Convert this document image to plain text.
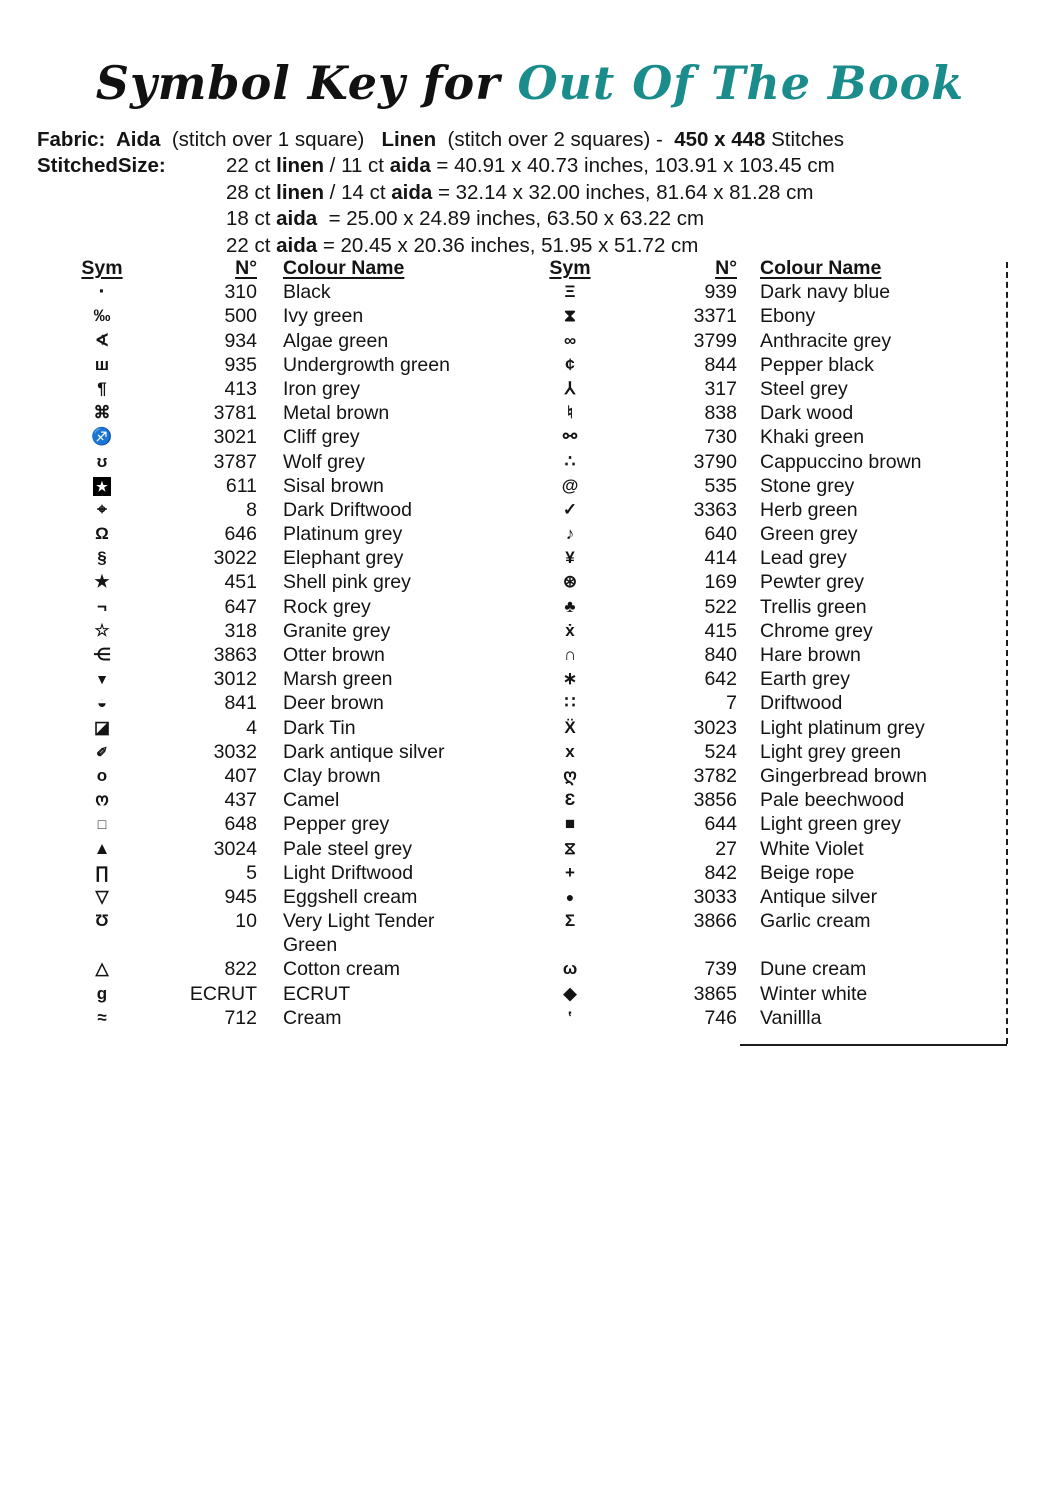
Symbol Key for Out Of The Book
Fabric:  Aida  (stitch over 1 square)   Linen  (stitch over 2 squares) -  450 x 448 Stitches
StitchedSize:	22 ct linen / 11 ct aida = 40.91 x 40.73 inches, 103.91 x 103.45 cm
28 ct linen / 14 ct aida = 32.14 x 32.00 inches, 81.64 x 81.28 cm
18 ct aida  = 25.00 x 24.89 inches, 63.50 x 63.22 cm
22 ct aida = 20.45 x 20.36 inches, 51.95 x 51.72 cm
Sym	N°	Colour Name
·	310	Black
‰	500	Ivy green
∢	934	Algae green
ш	935	Undergrowth green
¶	413	Iron grey
⌘	3781	Metal brown
♐	3021	Cliff grey
ʊ	3787	Wolf grey
★	611	Sisal brown
⌖	8	Dark Driftwood
Ω	646	Platinum grey
§	3022	Elephant grey
★	451	Shell pink grey
¬	647	Rock grey
☆	318	Granite grey
⋲	3863	Otter brown
▼	3012	Marsh green
◒	841	Deer brown
◪	4	Dark Tin
✐	3032	Dark antique silver
o	407	Clay brown
ო	437	Camel
□	648	Pepper grey
▲	3024	Pale steel grey
∏	5	Light Driftwood
▽	945	Eggshell cream
Ʊ	10	Very Light Tender Green
△	822	Cotton cream
g	ECRUT	ECRUT
≈	712	Cream
Sym	N°	Colour Name
Ξ	939	Dark navy blue
⧗	3371	Ebony
∞	3799	Anthracite grey
¢	844	Pepper black
⅄	317	Steel grey
♮	838	Dark wood
⚯	730	Khaki green
∴	3790	Cappuccino brown
@	535	Stone grey
✓	3363	Herb green
♪	640	Green grey
¥	414	Lead grey
⊛	169	Pewter grey
♣	522	Trellis green
ẋ	415	Chrome grey
∩	840	Hare brown
∗	642	Earth grey
∷	7	Driftwood
Ẍ	3023	Light platinum grey
x	524	Light grey green
ღ	3782	Gingerbread brown
Ɛ	3856	Pale beechwood
■	644	Light green grey
⧖	27	White Violet
+	842	Beige rope
●	3033	Antique silver
Σ	3866	Garlic cream
ω	739	Dune cream
◆	3865	Winter white
‛	746	Vanillla
